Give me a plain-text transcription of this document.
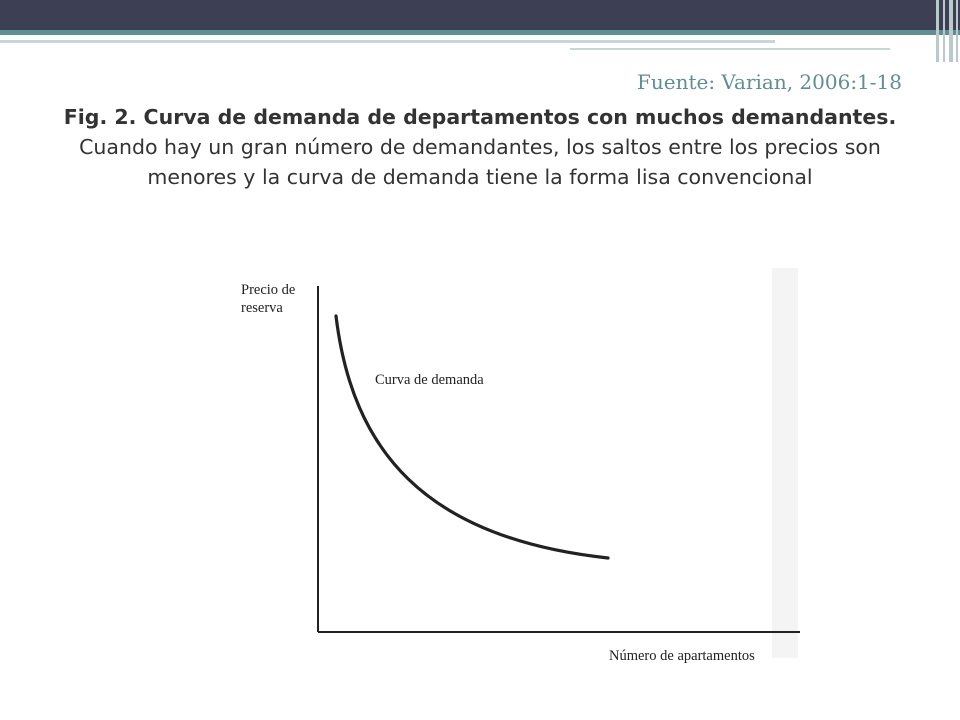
Fuente: Varian, 2006:1-18
Fig. 2. Curva de demanda de departamentos con muchos demandantes. Cuando hay un gran número de demandantes, los saltos entre los precios son menores y la curva de demanda tiene la forma lisa convencional
Precio de
reserva
Curva de demanda
Número de apartamentos
